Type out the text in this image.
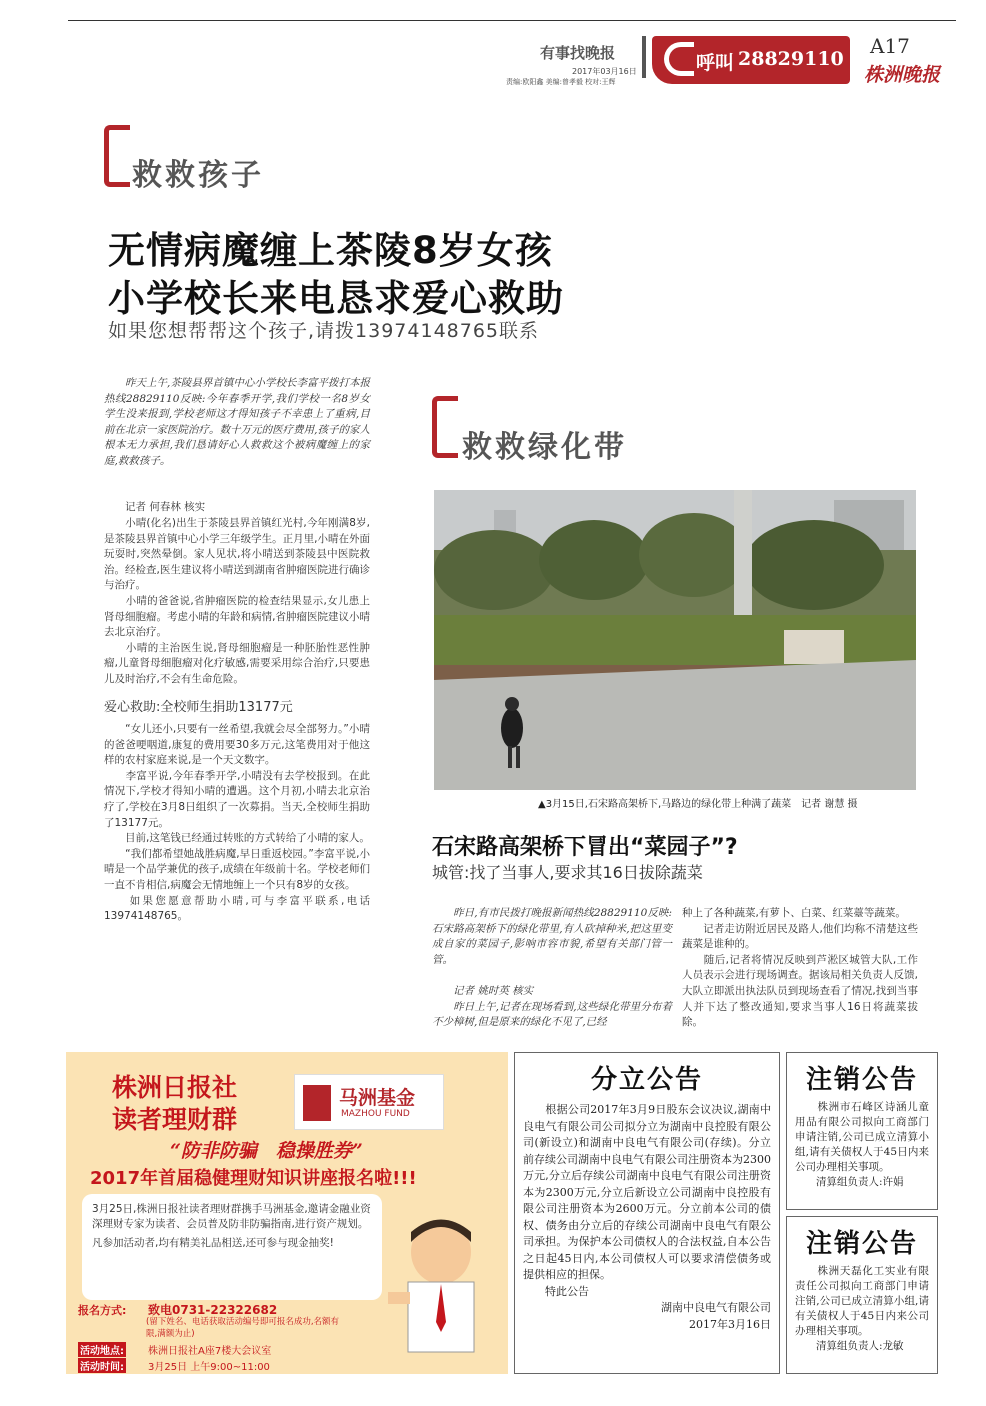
有事找晚报
2017年03月16日
责编:欧阳鑫 美编:曾孝毅 校对:王辉
呼叫 28829110
A17
株洲晚报
救救孩子
无情病魔缠上茶陵8岁女孩
小学校长来电恳求爱心救助
如果您想帮帮这个孩子,请拨13974148765联系
　　昨天上午,茶陵县界首镇中心小学校长李富平拨打本报热线28829110反映:今年春季开学,我们学校一名8岁女学生没来报到,学校老师这才得知孩子不幸患上了重病,目前在北京一家医院治疗。数十万元的医疗费用,孩子的家人根本无力承担,我们恳请好心人救救这个被病魔缠上的家庭,救救孩子。
　　记者 何春林 核实
　　小晴(化名)出生于茶陵县界首镇红光村,今年刚满8岁,是茶陵县界首镇中心小学三年级学生。正月里,小晴在外面玩耍时,突然晕倒。家人见状,将小晴送到茶陵县中医院救治。经检查,医生建议将小晴送到湖南省肿瘤医院进行确诊与治疗。
　　小晴的爸爸说,省肿瘤医院的检查结果显示,女儿患上肾母细胞瘤。考虑小晴的年龄和病情,省肿瘤医院建议小晴去北京治疗。
　　小晴的主治医生说,肾母细胞瘤是一种胚胎性恶性肿瘤,儿童肾母细胞瘤对化疗敏感,需要采用综合治疗,只要患儿及时治疗,不会有生命危险。
爱心救助:全校师生捐助13177元
　　“女儿还小,只要有一丝希望,我就会尽全部努力。”小晴的爸爸哽咽道,康复的费用要30多万元,这笔费用对于他这样的农村家庭来说,是一个天文数字。
　　李富平说,今年春季开学,小晴没有去学校报到。在此情况下,学校才得知小晴的遭遇。这个月初,小晴去北京治疗了,学校在3月8日组织了一次募捐。当天,全校师生捐助了13177元。
　　目前,这笔钱已经通过转账的方式转给了小晴的家人。
　　“我们都希望她战胜病魔,早日重返校园。”李富平说,小晴是一个品学兼优的孩子,成绩在年级前十名。学校老师们一直不肯相信,病魔会无情地缠上一个只有8岁的女孩。
　　如果您愿意帮助小晴,可与李富平联系,电话13974148765。
救救绿化带
▲3月15日,石宋路高架桥下,马路边的绿化带上种满了蔬菜　记者 谢慧 摄
石宋路高架桥下冒出“菜园子”?
城管:找了当事人,要求其16日拔除蔬菜
　　昨日,有市民拨打晚报新闻热线28829110反映:石宋路高架桥下的绿化带里,有人砍掉种米,把这里变成自家的菜园子,影响市容市貌,希望有关部门管一管。

　　记者 姚时英 核实
　　昨日上午,记者在现场看到,这些绿化带里分布着不少樟树,但是原来的绿化不见了,已经
种上了各种蔬菜,有萝卜、白菜、红菜薹等蔬菜。
　　记者走访附近居民及路人,他们均称不清楚这些蔬菜是谁种的。
　　随后,记者将情况反映到芦淞区城管大队,工作人员表示会进行现场调查。据该局相关负责人反馈,大队立即派出执法队员到现场查看了情况,找到当事人并下达了整改通知,要求当事人16日将蔬菜拔除。
株洲日报社
读者理财群
马洲基金
MAZHOU FUND
“防非防骗　稳操胜券”
2017年首届稳健理财知识讲座报名啦!!!
3月25日,株洲日报社读者理财群携手马洲基金,邀请金融业资深理财专家为读者、会员普及防非防骗指南,进行资产规划。
凡参加活动者,均有精美礼品相送,还可参与现金抽奖!
报名方式: 致电0731-22322682
(留下姓名、电话获取活动编号即可报名成功,名额有限,满额为止)
活动地点: 株洲日报社A座7楼大会议室
活动时间: 3月25日 上午9:00~11:00
分立公告
　　根据公司2017年3月9日股东会议决议,湖南中良电气有限公司公司拟分立为湖南中良控股有限公司(新设立)和湖南中良电气有限公司(存续)。分立前存续公司湖南中良电气有限公司注册资本为2300万元,分立后存续公司湖南中良电气有限公司注册资本为2300万元,分立后新设立公司湖南中良控股有限公司注册资本为2600万元。分立前本公司的债权、债务由分立后的存续公司湖南中良电气有限公司承担。为保护本公司债权人的合法权益,自本公告之日起45日内,本公司债权人可以要求清偿债务或提供相应的担保。
　　特此公告
湖南中良电气有限公司
2017年3月16日
注销公告
　　株洲市石峰区诗涵儿童用品有限公司拟向工商部门申请注销,公司已成立清算小组,请有关债权人于45日内来公司办理相关事项。
　　清算组负责人:许娟
注销公告
　　株洲天磊化工实业有限责任公司拟向工商部门申请注销,公司已成立清算小组,请有关债权人于45日内来公司办理相关事项。
　　清算组负责人:龙敏
